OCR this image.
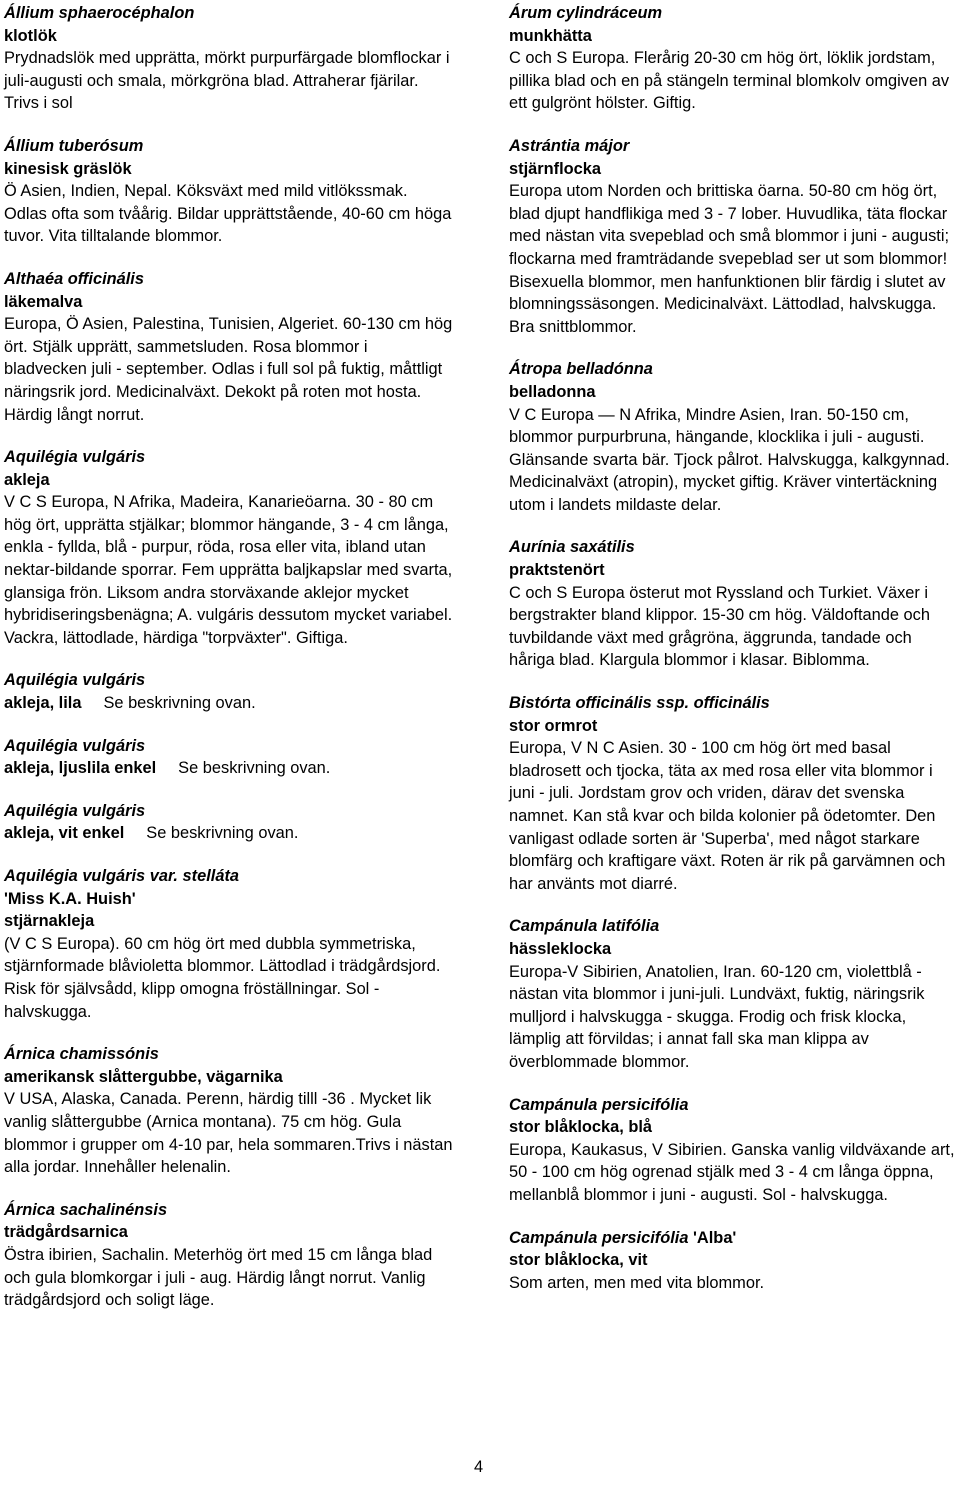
Állium sphaerocéphalon
klotlök
Prydnadslök med upprätta, mörkt purpurfärgade blomflockar i juli-augusti och smala, mörkgröna blad. Attraherar fjärilar. Trivs i sol
Állium tuberósum
kinesisk gräslök
Ö Asien, Indien, Nepal. Köksväxt med mild vitlökssmak. Odlas ofta som tvåårig. Bildar upprättstående, 40-60 cm höga tuvor. Vita tilltalande blommor.
Althaéa officinális
läkemalva
Europa, Ö Asien, Palestina, Tunisien, Algeriet. 60-130 cm hög ört. Stjälk upprätt, sammetsluden. Rosa blommor i bladvecken juli - september. Odlas i full sol på fuktig, måttligt näringsrik jord. Medicinalväxt. Dekokt på roten mot hosta. Härdig långt norrut.
Aquilégia vulgáris
akleja
V C S Europa, N Afrika, Madeira, Kanarieöarna. 30 - 80 cm hög ört, upprätta stjälkar; blommor hängande, 3 - 4 cm långa, enkla - fyllda, blå - purpur, röda, rosa eller vita, ibland utan nektar-bildande sporrar. Fem upprätta baljkapslar med svarta, glansiga frön. Liksom andra storväxande aklejor mycket hybridiseringsbenägna; A. vulgáris dessutom mycket variabel. Vackra, lättodlade, härdiga "torpväxter". Giftiga.
Aquilégia vulgáris
akleja, lila Se beskrivning ovan.
Aquilégia vulgáris
akleja, ljuslila enkel Se beskrivning ovan.
Aquilégia vulgáris
akleja, vit enkel Se beskrivning ovan.
Aquilégia vulgáris var. stelláta
'Miss K.A. Huish'
stjärnakleja
(V C S Europa). 60 cm hög ört med dubbla symmetriska, stjärnformade blåvioletta blommor. Lättodlad i trädgårdsjord. Risk för självsådd, klipp omogna fröställningar. Sol - halvskugga.
Árnica chamissónis
amerikansk slåttergubbe, vägarnika
V USA, Alaska, Canada. Perenn, härdig tilll -36 . Mycket lik vanlig slåttergubbe (Arnica montana). 75 cm hög. Gula blommor i grupper om 4-10 par, hela sommaren.Trivs i nästan alla jordar. Innehåller helenalin.
Árnica sachalinénsis
trädgårdsarnica
Östra ibirien, Sachalin. Meterhög ört med 15 cm långa blad och gula blomkorgar i juli - aug. Härdig långt norrut. Vanlig trädgårdsjord och soligt läge.
Árum cylindráceum
munkhätta
C och S Europa. Flerårig 20-30 cm hög ört, löklik jordstam, pillika blad och en på stängeln terminal blomkolv omgiven av ett gulgrönt hölster. Giftig.
Astrántia májor
stjärnflocka
Europa utom Norden och brittiska öarna. 50-80 cm hög ört, blad djupt handflikiga med 3 - 7 lober. Huvudlika, täta flockar med nästan vita svepeblad och små blommor i juni - augusti; flockarna med framträdande svepeblad ser ut som blommor! Bisexuella blommor, men hanfunktionen blir färdig i slutet av blomningssäsongen. Medicinalväxt. Lättodlad, halvskugga. Bra snittblommor.
Átropa belladónna
belladonna
V C Europa — N Afrika, Mindre Asien, Iran. 50-150 cm, blommor purpurbruna, hängande, klocklika i juli - augusti. Glänsande svarta bär. Tjock pålrot. Halvskugga, kalkgynnad. Medicinalväxt (atropin), mycket giftig. Kräver vintertäckning utom i landets mildaste delar.
Aurínia saxátilis
praktstenört
C och S Europa österut mot Ryssland och Turkiet. Växer i bergstrakter bland klippor. 15-30 cm hög. Väldoftande och tuvbildande växt med grågröna, äggrunda, tandade och håriga blad. Klargula blommor i klasar. Biblomma.
Bistórta officinális ssp. officinális
stor ormrot
Europa, V N C Asien. 30 - 100 cm hög ört med basal bladrosett och tjocka, täta ax med rosa eller vita blommor i juni - juli. Jordstam grov och vriden, därav det svenska namnet. Kan stå kvar och bilda kolonier på ödetomter. Den vanligast odlade sorten är 'Superba', med något starkare blomfärg och kraftigare växt. Roten är rik på garvämnen och har använts mot diarré.
Campánula latifólia
hässleklocka
Europa-V Sibirien, Anatolien, Iran. 60-120 cm, violettblå - nästan vita blommor i juni-juli. Lundväxt, fuktig, näringsrik mulljord i halvskugga - skugga. Frodig och frisk klocka, lämplig att förvildas; i annat fall ska man klippa av överblommade blommor.
Campánula persicifólia
stor blåklocka, blå
Europa, Kaukasus, V Sibirien. Ganska vanlig vildväxande art, 50 - 100 cm hög ogrenad stjälk med 3 - 4 cm långa öppna, mellanblå blommor i juni - augusti. Sol - halvskugga.
Campánula persicifólia 'Alba'
stor blåklocka, vit
Som arten, men med vita blommor.
4
